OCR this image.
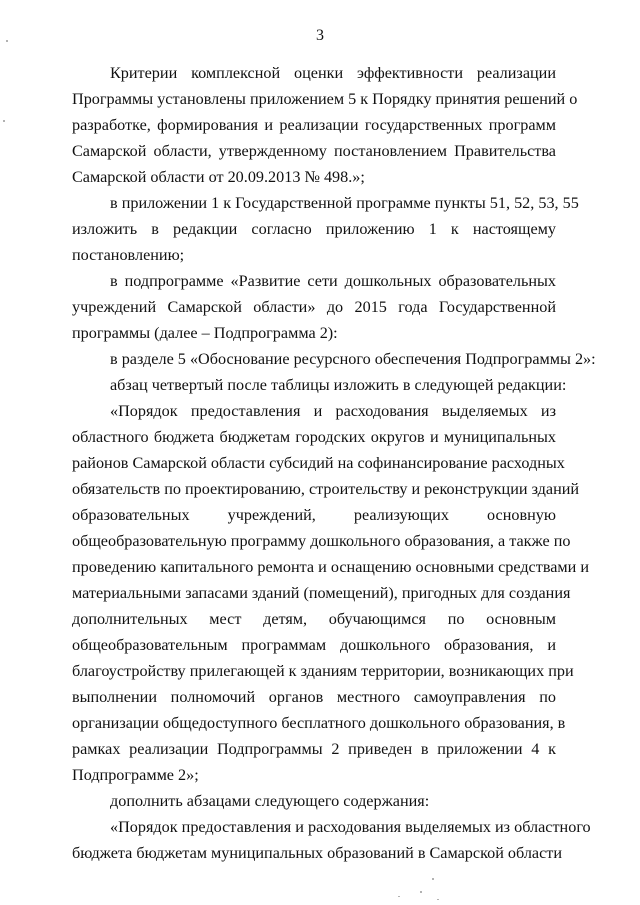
3
Критерии комплексной оценки эффективности реализации
Программы установлены приложением 5 к Порядку принятия решений о
разработке, формирования и реализации государственных программ
Самарской области, утвержденному постановлением Правительства
Самарской области от 20.09.2013 № 498.»;
в приложении 1 к Государственной программе пункты 51, 52, 53, 55
изложить в редакции согласно приложению 1 к настоящему
постановлению;
в подпрограмме «Развитие сети дошкольных образовательных
учреждений Самарской области» до 2015 года Государственной
программы (далее – Подпрограмма 2):
в разделе 5 «Обоснование ресурсного обеспечения Подпрограммы 2»:
абзац четвертый после таблицы изложить в следующей редакции:
«Порядок предоставления и расходования выделяемых из
областного бюджета бюджетам городских округов и муниципальных
районов Самарской области субсидий на софинансирование расходных
обязательств по проектированию, строительству и реконструкции зданий
образовательных учреждений, реализующих основную
общеобразовательную программу дошкольного образования, а также по
проведению капитального ремонта и оснащению основными средствами и
материальными запасами зданий (помещений), пригодных для создания
дополнительных мест детям, обучающимся по основным
общеобразовательным программам дошкольного образования, и
благоустройству прилегающей к зданиям территории, возникающих при
выполнении полномочий органов местного самоуправления по
организации общедоступного бесплатного дошкольного образования, в
рамках реализации Подпрограммы 2 приведен в приложении 4 к
Подпрограмме 2»;
дополнить абзацами следующего содержания:
«Порядок предоставления и расходования выделяемых из областного
бюджета бюджетам муниципальных образований в Самарской области
